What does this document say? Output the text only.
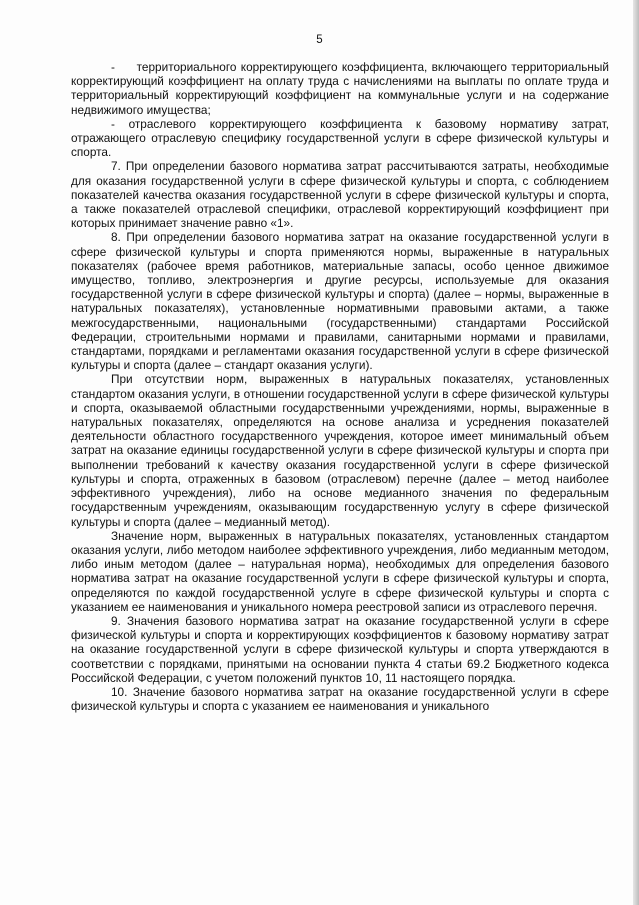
5

-     территориального корректирующего коэффициента, включающего территориальный корректирующий коэффициент на оплату труда с начислениями на выплаты по оплате труда и территориальный корректирующий коэффициент на коммунальные услуги и на содержание недвижимого имущества;

- отраслевого корректирующего коэффициента к базовому нормативу затрат, отражающего отраслевую специфику государственной услуги в сфере физической культуры и спорта.

7. При определении базового норматива затрат рассчитываются затраты, необходимые для оказания государственной услуги в сфере физической культуры и спорта, с соблюдением показателей качества оказания государственной услуги в сфере физической культуры и спорта, а также показателей отраслевой специфики, отраслевой корректирующий коэффициент при которых принимает значение равно «1».

8. При определении базового норматива затрат на оказание государственной услуги в сфере физической культуры и спорта применяются нормы, выраженные в натуральных показателях (рабочее время работников, материальные запасы, особо ценное движимое имущество, топливо, электроэнергия и другие ресурсы, используемые для оказания государственной услуги в сфере физической культуры и спорта) (далее – нормы, выраженные в натуральных показателях), установленные нормативными правовыми актами, а также межгосударственными, национальными (государственными) стандартами Российской Федерации, строительными нормами и правилами, санитарными нормами и правилами, стандартами, порядками и регламентами оказания государственной услуги в сфере физической культуры и спорта (далее – стандарт оказания услуги).

При отсутствии норм, выраженных в натуральных показателях, установленных стандартом оказания услуги, в отношении государственной услуги в сфере физической культуры и спорта, оказываемой областными государственными учреждениями, нормы, выраженные в натуральных показателях, определяются на основе анализа и усреднения показателей деятельности областного государственного учреждения, которое имеет минимальный объем затрат на оказание единицы государственной услуги в сфере физической культуры и спорта при выполнении требований к качеству оказания государственной услуги в сфере физической культуры и спорта, отраженных в базовом (отраслевом) перечне (далее – метод наиболее эффективного учреждения), либо на основе медианного значения по федеральным государственным учреждениям, оказывающим государственную услугу в сфере физической культуры и спорта (далее – медианный метод).

Значение норм, выраженных в натуральных показателях, установленных стандартом оказания услуги, либо методом наиболее эффективного учреждения, либо медианным методом, либо иным методом (далее – натуральная норма), необходимых для определения базового норматива затрат на оказание государственной услуги в сфере физической культуры и спорта, определяются по каждой государственной услуге в сфере физической культуры и спорта с указанием ее наименования и уникального номера реестровой записи из отраслевого перечня.

9. Значения базового норматива затрат на оказание государственной услуги в сфере физической культуры и спорта и корректирующих коэффициентов к базовому нормативу затрат на оказание государственной услуги в сфере физической культуры и спорта утверждаются в соответствии с порядками, принятыми на основании пункта 4 статьи 69.2 Бюджетного кодекса Российской Федерации, с учетом положений пунктов 10, 11 настоящего порядка.

10. Значение базового норматива затрат на оказание государственной услуги в сфере физической культуры и спорта с указанием ее наименования и уникального
